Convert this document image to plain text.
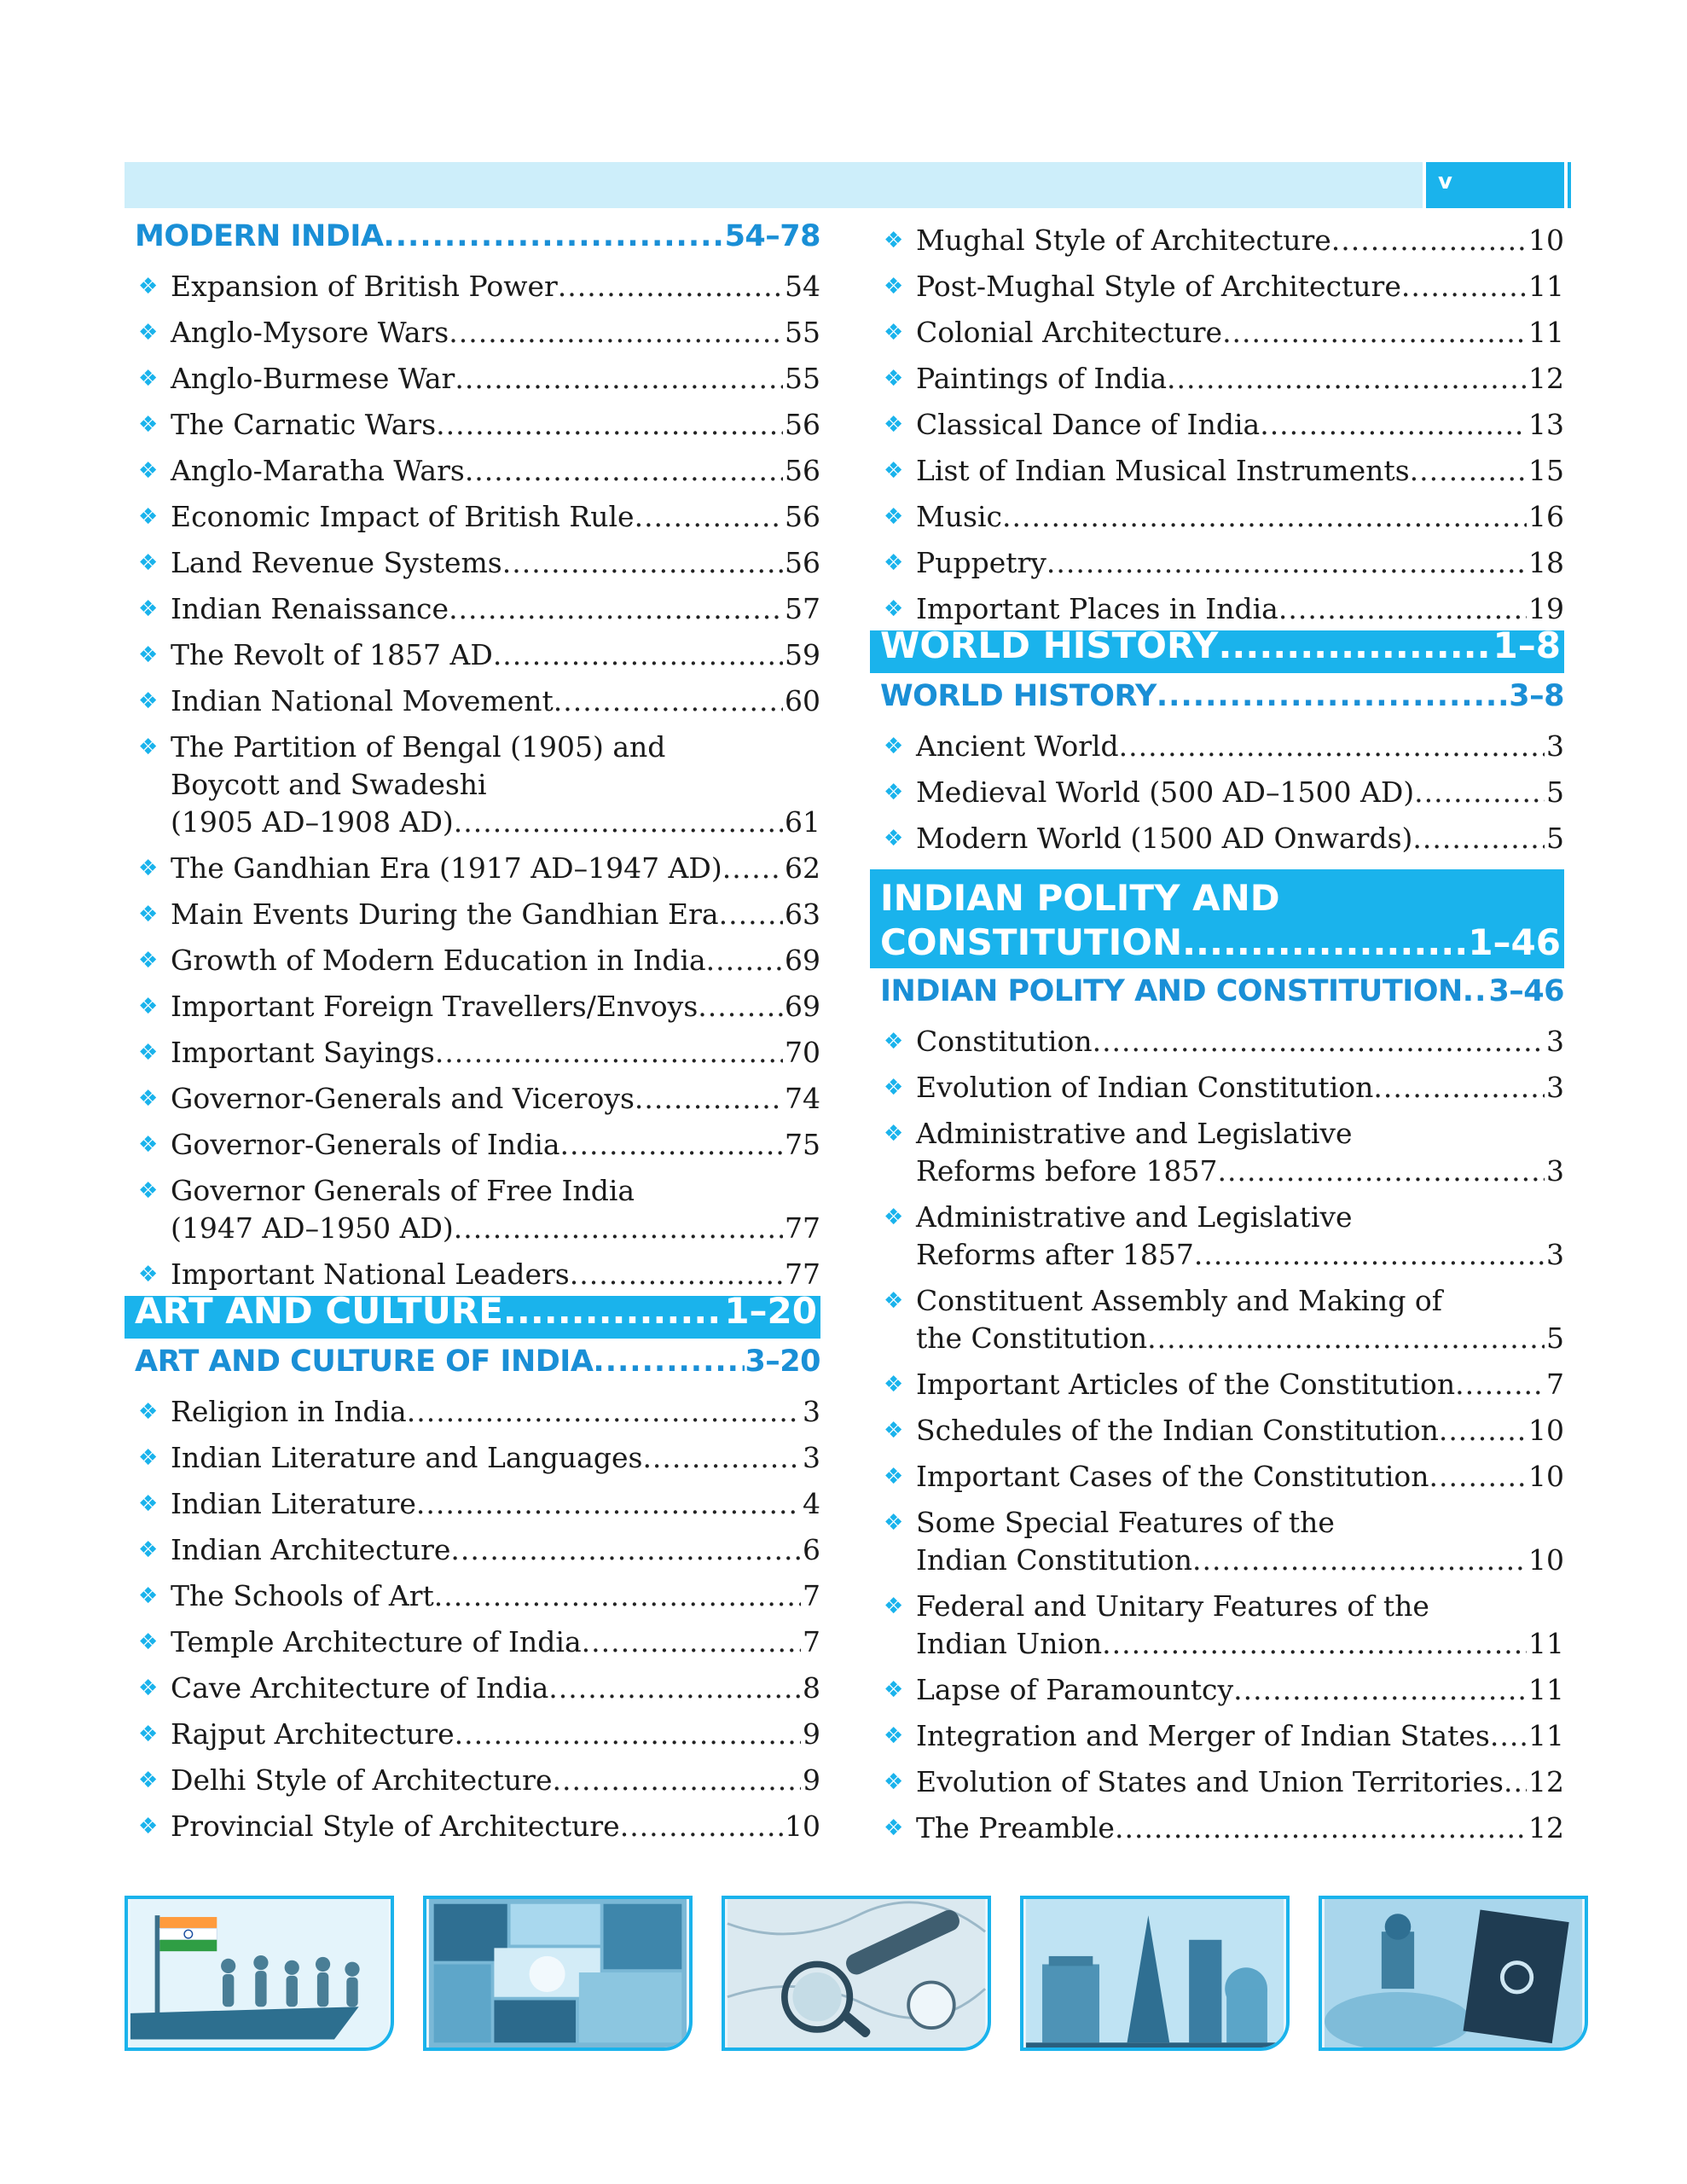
v
MODERN INDIA .....	54–78
❖ Expansion of British Power .....	54
❖ Anglo-Mysore Wars .....	55
❖ Anglo-Burmese War .....	55
❖ The Carnatic Wars .....	56
❖ Anglo-Maratha Wars .....	56
❖ Economic Impact of British Rule .....	56
❖ Land Revenue Systems .....	56
❖ Indian Renaissance .....	57
❖ The Revolt of 1857 AD .....	59
❖ Indian National Movement .....	60
❖ The Partition of Bengal (1905) and
Boycott and Swadeshi
(1905 AD–1908 AD) .....	61
❖ The Gandhian Era (1917 AD–1947 AD) ..... 62
❖ Main Events During the Gandhian Era ..... 63
❖ Growth of Modern Education in India .....	69
❖ Important Foreign Travellers/Envoys .....	69
❖ Important Sayings .....	70
❖ Governor-Generals and Viceroys .....	74
❖ Governor-Generals of India .....	75
❖ Governor Generals of Free India
(1947 AD–1950 AD) .....	77
❖ Important National Leaders .....	77
ART AND CULTURE .....	1–20
ART AND CULTURE OF INDIA .....	3–20
❖ Religion in India .....	3
❖ Indian Literature and Languages .....	3
❖ Indian Literature .....	4
❖ Indian Architecture .....	6
❖ The Schools of Art .....	7
❖ Temple Architecture of India .....	7
❖ Cave Architecture of India .....	8
❖ Rajput Architecture .....	9
❖ Delhi Style of Architecture .....	9
❖ Provincial Style of Architecture .....	10
❖ Mughal Style of Architecture .....	10
❖ Post-Mughal Style of Architecture .....	11
❖ Colonial Architecture .....	11
❖ Paintings of India .....	12
❖ Classical Dance of India .....	13
❖ List of Indian Musical Instruments .....	15
❖ Music .....	16
❖ Puppetry .....	18
❖ Important Places in India .....	19
WORLD HISTORY .....	1–8
WORLD HISTORY .....	3–8
❖ Ancient World .....	3
❖ Medieval World (500 AD–1500 AD) .....	5
❖ Modern World (1500 AD Onwards) .....	5
INDIAN POLITY AND
CONSTITUTION .....	1–46
INDIAN POLITY AND CONSTITUTION ..... 3–46
❖ Constitution .....	3
❖ Evolution of Indian Constitution .....	3
❖ Administrative and Legislative
Reforms before 1857 .....	3
❖ Administrative and Legislative
Reforms after 1857 .....	3
❖ Constituent Assembly and Making of
the Constitution .....	5
❖ Important Articles of the Constitution .....	7
❖ Schedules of the Indian Constitution .....	10
❖ Important Cases of the Constitution .....	10
❖ Some Special Features of the
Indian Constitution .....	10
❖ Federal and Unitary Features of the
Indian Union .....	11
❖ Lapse of Paramountcy .....	11
❖ Integration and Merger of Indian States ..... 11
❖ Evolution of States and Union Territories ..... 12
❖ The Preamble .....	12
